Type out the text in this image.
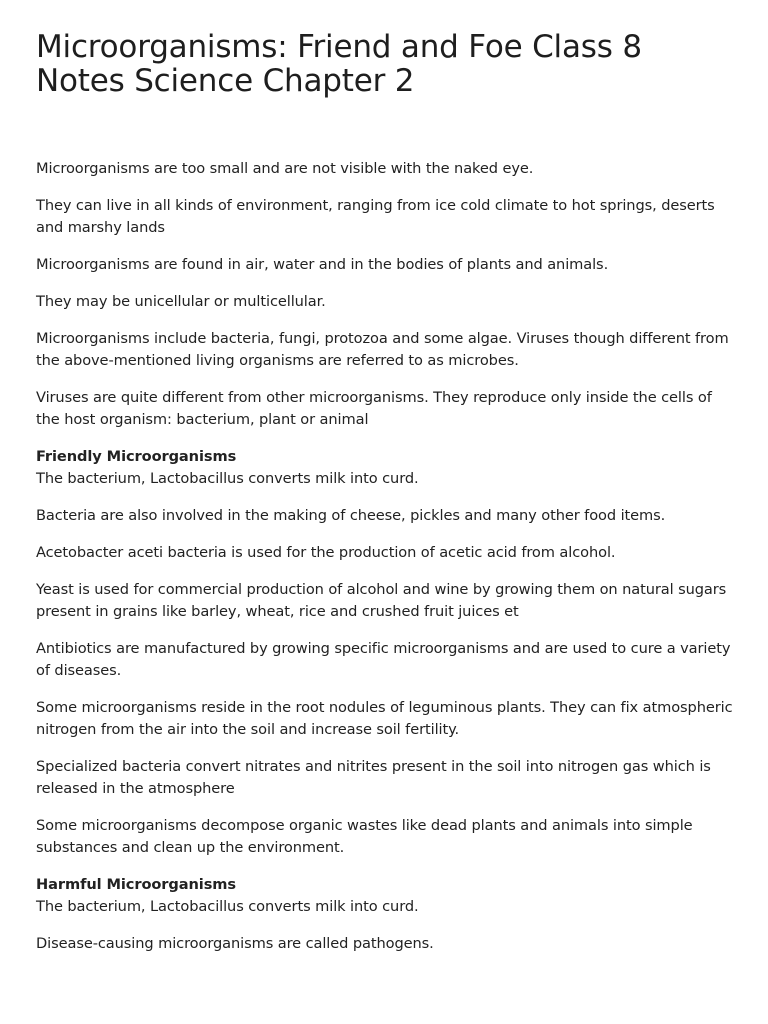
Microorganisms: Friend and Foe Class 8 Notes Science Chapter 2

Microorganisms are too small and are not visible with the naked eye.

They can live in all kinds of environment, ranging from ice cold climate to hot springs, deserts and marshy lands

Microorganisms are found in air, water and in the bodies of plants and animals.

They may be unicellular or multicellular.

Microorganisms include bacteria, fungi, protozoa and some algae. Viruses though different from the above-mentioned living organisms are referred to as microbes.

Viruses are quite different from other microorganisms. They reproduce only inside the cells of the host organism: bacterium, plant or animal

Friendly Microorganisms
The bacterium, Lactobacillus converts milk into curd.

Bacteria are also involved in the making of cheese, pickles and many other food items.

Acetobacter aceti bacteria is used for the production of acetic acid from alcohol.

Yeast is used for commercial production of alcohol and wine by growing them on natural sugars present in grains like barley, wheat, rice and crushed fruit juices et

Antibiotics are manufactured by growing specific microorganisms and are used to cure a variety of diseases.

Some microorganisms reside in the root nodules of leguminous plants. They can fix atmospheric nitrogen from the air into the soil and increase soil fertility.

Specialized bacteria convert nitrates and nitrites present in the soil into nitrogen gas which is released in the atmosphere

Some microorganisms decompose organic wastes like dead plants and animals into simple substances and clean up the environment.

Harmful Microorganisms
The bacterium, Lactobacillus converts milk into curd.

Disease-causing microorganisms are called pathogens.
